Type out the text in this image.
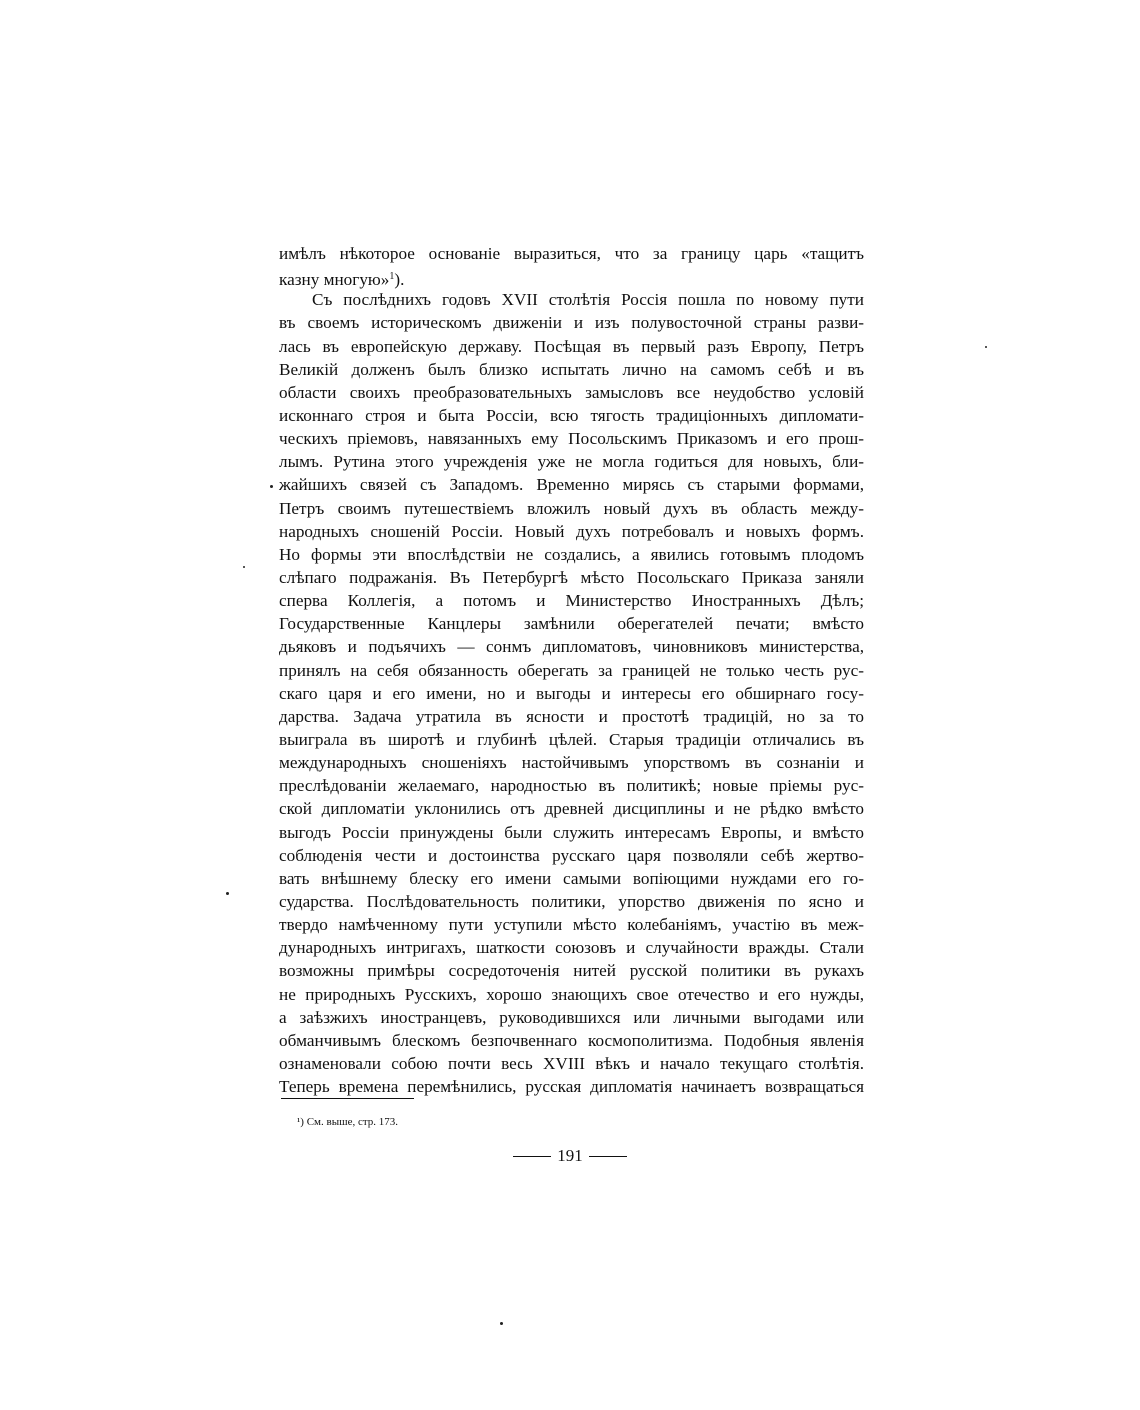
имѣлъ нѣкоторое основаніе выразиться, что за границу царь «тащитъ
казну многую»$^1$).
Съ послѣднихъ годовъ XVII столѣтія Россія пошла по новому пути
въ своемъ историческомъ движеніи и изъ полувосточной страны разви-
лась въ европейскую державу. Посѣщая въ первый разъ Европу, Петръ
Великій долженъ былъ близко испытать лично на самомъ себѣ и въ
области своихъ преобразовательныхъ замысловъ все неудобство условій
исконнаго строя и быта Россіи, всю тягость традиціонныхъ дипломати-
ческихъ пріемовъ, навязанныхъ ему Посольскимъ Приказомъ и его прош-
лымъ. Рутина этого учрежденія уже не могла годиться для новыхъ, бли-
жайшихъ связей съ Западомъ. Временно мирясь съ старыми формами,
Петръ своимъ путешествіемъ вложилъ новый духъ въ область между-
народныхъ сношеній Россіи. Новый духъ потребовалъ и новыхъ формъ.
Но формы эти впослѣдствіи не создались, а явились готовымъ плодомъ
слѣпаго подражанія. Въ Петербургѣ мѣсто Посольскаго Приказа заняли
сперва Коллегія, а потомъ и Министерство Иностранныхъ Дѣлъ;
Государственные Канцлеры замѣнили оберегателей печати; вмѣсто
дьяковъ и подъячихъ — сонмъ дипломатовъ, чиновниковъ министерства,
принялъ на себя обязанность оберегать за границей не только честь рус-
скаго царя и его имени, но и выгоды и интересы его обширнаго госу-
дарства. Задача утратила въ ясности и простотѣ традицій, но за то
выиграла въ широтѣ и глубинѣ цѣлей. Старыя традиціи отличались въ
международныхъ сношеніяхъ настойчивымъ упорствомъ въ сознаніи и
преслѣдованіи желаемаго, народностью въ политикѣ; новые пріемы рус-
ской дипломатіи уклонились отъ древней дисциплины и не рѣдко вмѣсто
выгодъ Россіи принуждены были служить интересамъ Европы, и вмѣсто
соблюденія чести и достоинства русскаго царя позволяли себѣ жертво-
вать внѣшнему блеску его имени самыми вопіющими нуждами его го-
сударства. Послѣдовательность политики, упорство движенія по ясно и
твердо намѣченному пути уступили мѣсто колебаніямъ, участію въ меж-
дународныхъ интригахъ, шаткости союзовъ и случайности вражды. Стали
возможны примѣры сосредоточенія нитей русской политики въ рукахъ
не природныхъ Русскихъ, хорошо знающихъ свое отечество и его нужды,
а заѣзжихъ иностранцевъ, руководившихся или личными выгодами или
обманчивымъ блескомъ безпочвеннаго космополитизма. Подобныя явленія
ознаменовали собою почти весь XVIII вѣкъ и начало текущаго столѣтія.
Теперь времена перемѣнились, русская дипломатія начинаетъ возвращаться
¹) См. выше, стр. 173.
191
